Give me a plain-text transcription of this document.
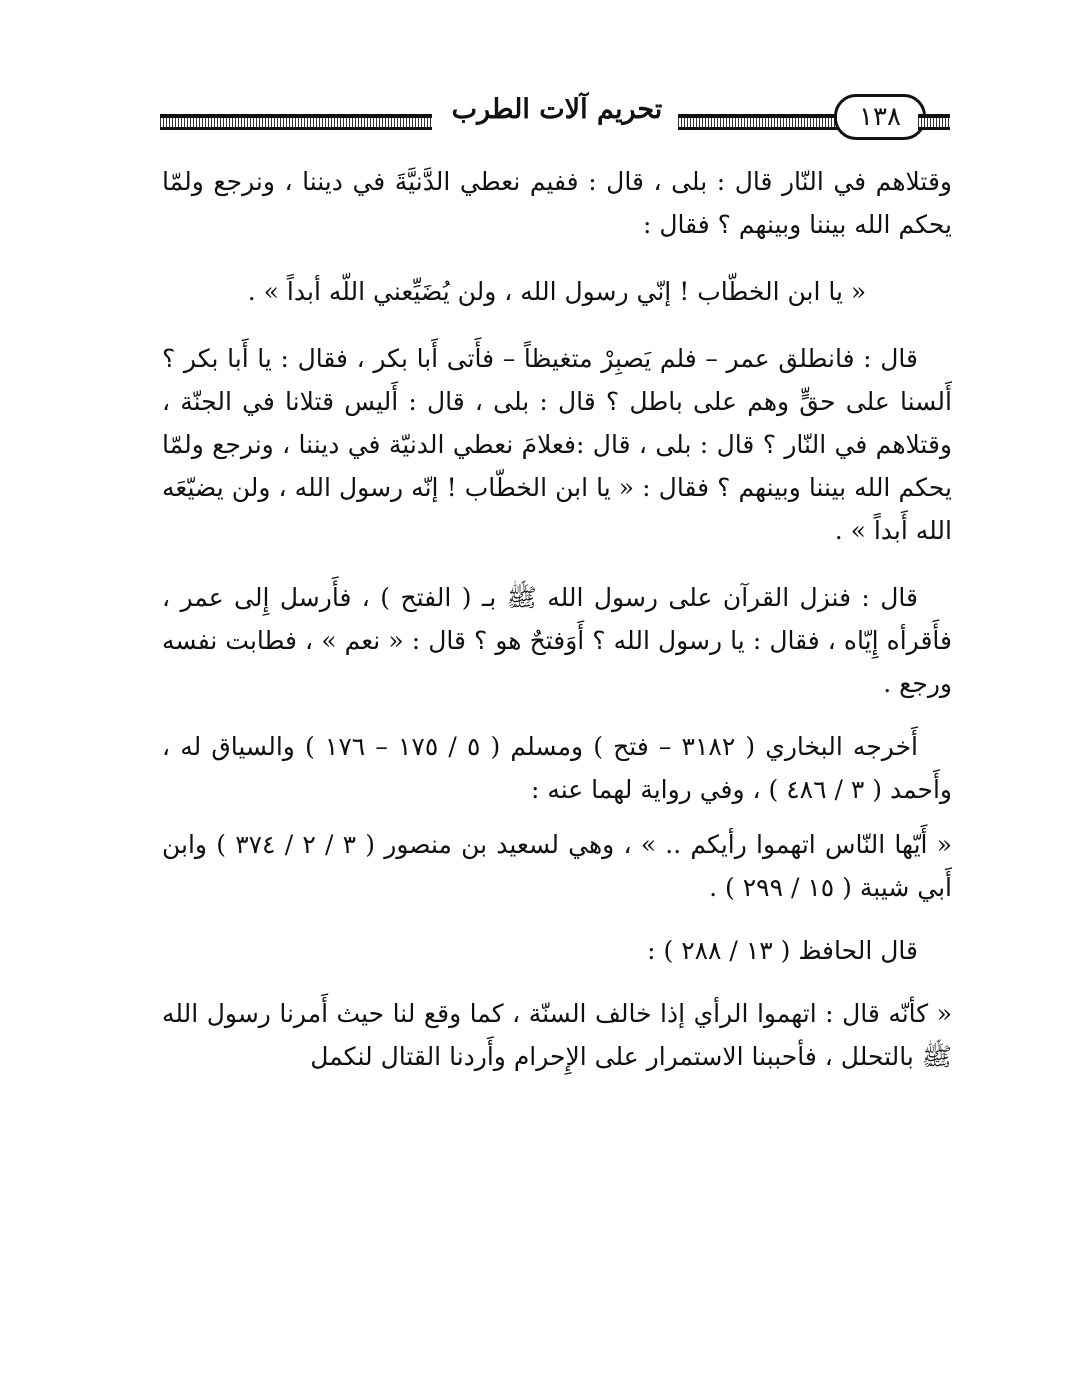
تحريم آلات الطرب	١٣٨

وقتلاهم في النّار قال : بلى ، قال : ففيم نعطي الدَّنيَّةَ في ديننا ، ونرجع ولمّا يحكم الله بيننا وبينهم ؟ فقال :

« يا ابن الخطّاب ! إنّي رسول الله ، ولن يُضَيِّعني اللّه أبداً » .

قال : فانطلق عمر – فلم يَصبِرْ متغيظاً – فأَتى أَبا بكر ، فقال : يا أَبا بكر ؟ أَلسنا على حقٍّ وهم على باطل ؟ قال : بلى ، قال : أَليس قتلانا في الجنّة ، وقتلاهم في النّار ؟ قال : بلى ، قال :فعلامَ نعطي الدنيّة في ديننا ، ونرجع ولمّا يحكم الله بيننا وبينهم ؟ فقال : « يا ابن الخطّاب ! إنّه رسول الله ، ولن يضيّعَه الله أَبداً » .

قال : فنزل القرآن على رسول الله ﷺ بـ ( الفتح ) ، فأَرسل إِلى عمر ، فأَقرأه إِيّاه ، فقال : يا رسول الله ؟ أَوَفتحٌ هو ؟ قال : « نعم » ، فطابت نفسه ورجع .

أَخرجه البخاري ( ٣١٨٢ – فتح ) ومسلم ( ٥ / ١٧٥ – ١٧٦ ) والسياق له ، وأَحمد ( ٣ / ٤٨٦ ) ، وفي رواية لهما عنه :

« أَيّها النّاس اتهموا رأيكم .. » ، وهي لسعيد بن منصور ( ٣ / ٢ / ٣٧٤ ) وابن أَبي شيبة ( ١٥ / ٢٩٩ ) .

قال الحافظ ( ١٣ / ٢٨٨ ) :

« كأنّه قال : اتهموا الرأي إذا خالف السنّة ، كما وقع لنا حيث أَمرنا رسول الله ﷺ بالتحلل ، فأحببنا الاستمرار على الإِحرام وأَردنا القتال لنكمل
